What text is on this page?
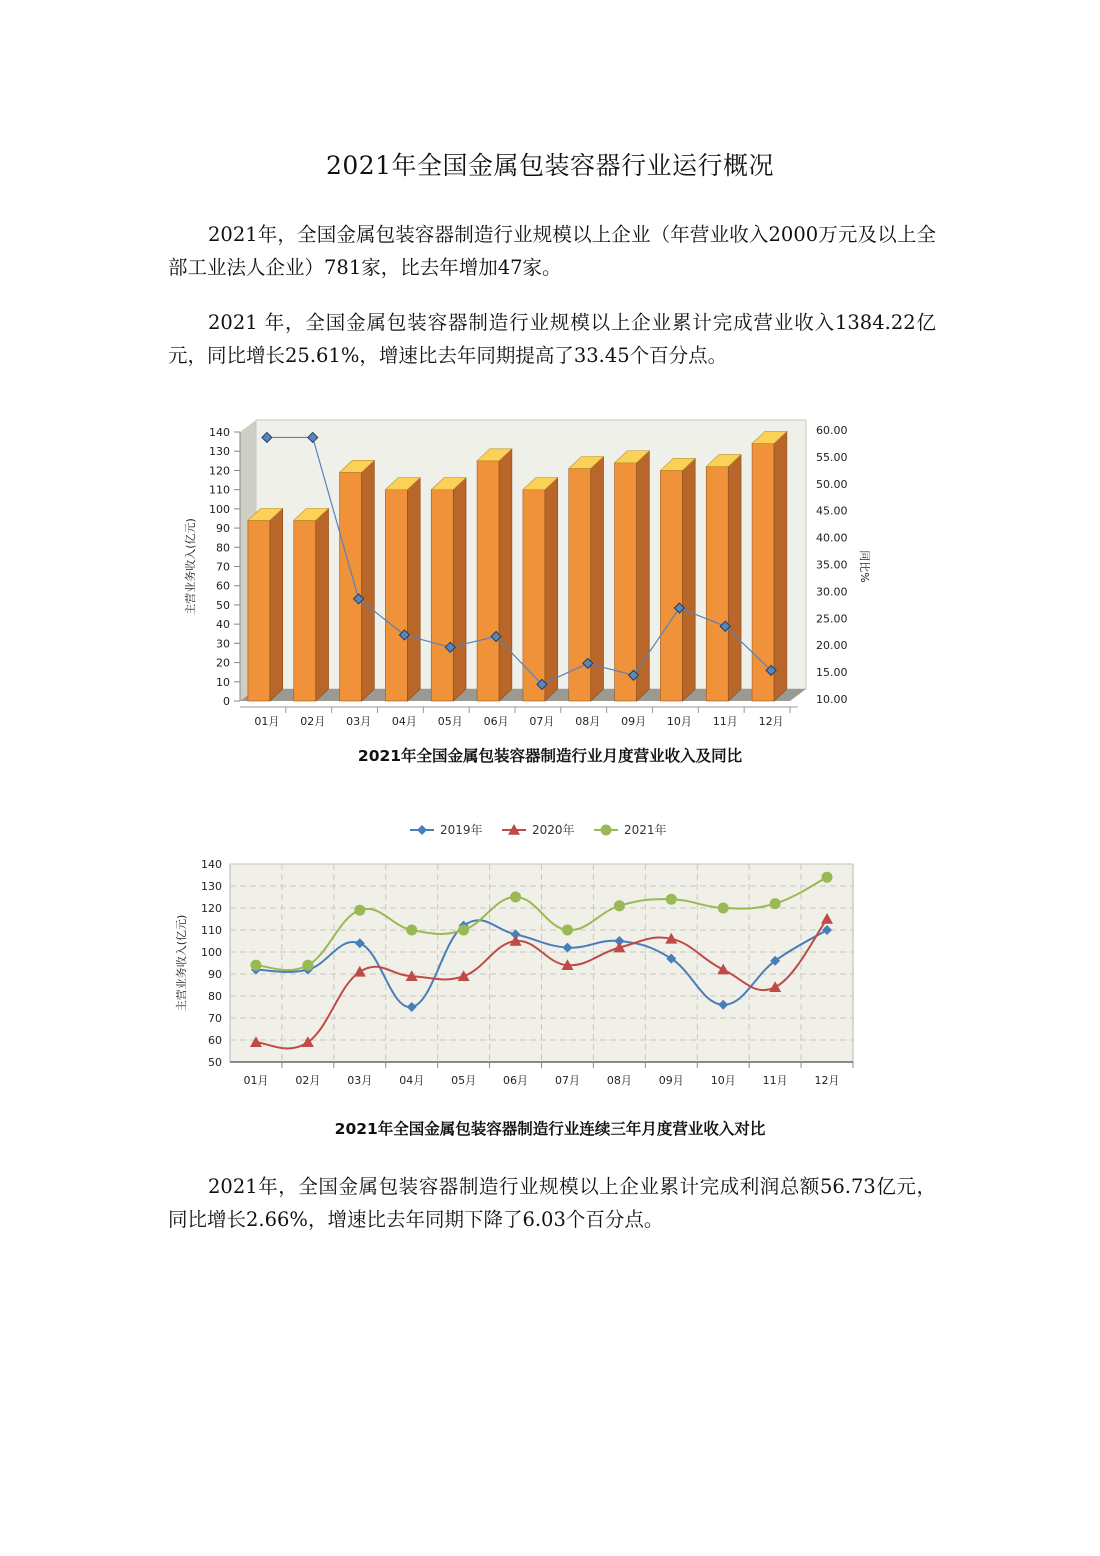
2021年全国金属包装容器行业运行概况

2021年，全国金属包装容器制造行业规模以上企业（年营业收入2000万元及以上全部工业法人企业）781家，比去年增加47家。

2021 年，全国金属包装容器制造行业规模以上企业累计完成营业收入1384.22亿元，同比增长25.61%，增速比去年同期提高了33.45个百分点。

0
10
20
30
40
50
60
70
80
90
100
110
120
130
140
10.00
15.00
20.00
25.00
30.00
35.00
40.00
45.00
50.00
55.00
60.00
主营业务收入(亿元)	同比%
01月 02月 03月 04月 05月 06月 07月 08月 09月 10月 11月 12月
2021年全国金属包装容器制造行业月度营业收入及同比
2019年	2020年	2021年
50
60
70
80
90
100
110
120
130
140
01月 02月 03月 04月 05月 06月 07月 08月 09月 10月 11月 12月
主营业务收入(亿元)
2021年全国金属包装容器制造行业连续三年月度营业收入对比

2021年，全国金属包装容器制造行业规模以上企业累计完成利润总额56.73亿元，同比增长2.66%，增速比去年同期下降了6.03个百分点。
